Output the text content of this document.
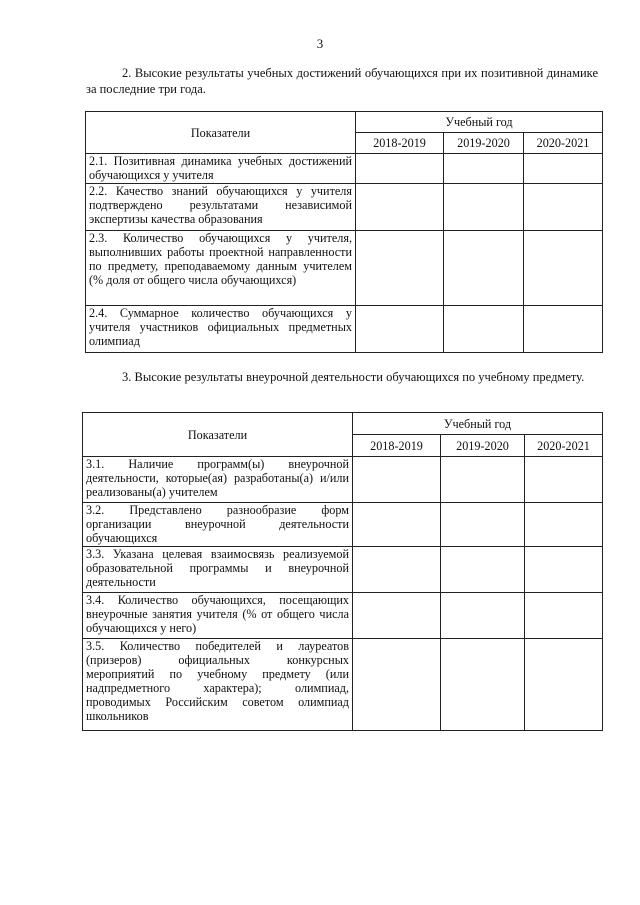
3

2. Высокие результаты учебных достижений обучающихся при их позитивной динамике за последние три года.

Показатели	Учебный год		
	2018-2019	2019-2020	2020-2021
2.1. Позитивная динамика учебных достижений обучающихся у учителя			
2.2. Качество знаний обучающихся у учителя подтверждено результатами независимой экспертизы качества образования			
2.3. Количество обучающихся у учителя, выполнивших работы проектной направленности по предмету, преподаваемому данным учителем (% доля от общего числа обучающихся)			
2.4. Суммарное количество обучающихся у учителя участников официальных предметных олимпиад			

3. Высокие результаты внеурочной деятельности обучающихся по учебному предмету.

Показатели	Учебный год		
	2018-2019	2019-2020	2020-2021
3.1. Наличие программ(ы) внеурочной деятельности, которые(ая) разработаны(а) и/или реализованы(а) учителем			
3.2. Представлено разнообразие форм организации внеурочной деятельности обучающихся			
3.3. Указана целевая взаимосвязь реализуемой образовательной программы и внеурочной деятельности			
3.4. Количество обучающихся, посещающих внеурочные занятия учителя (% от общего числа обучающихся у него)			
3.5. Количество победителей и лауреатов (призеров) официальных конкурсных мероприятий по учебному предмету (или надпредметного характера); олимпиад, проводимых Российским советом олимпиад школьников			
